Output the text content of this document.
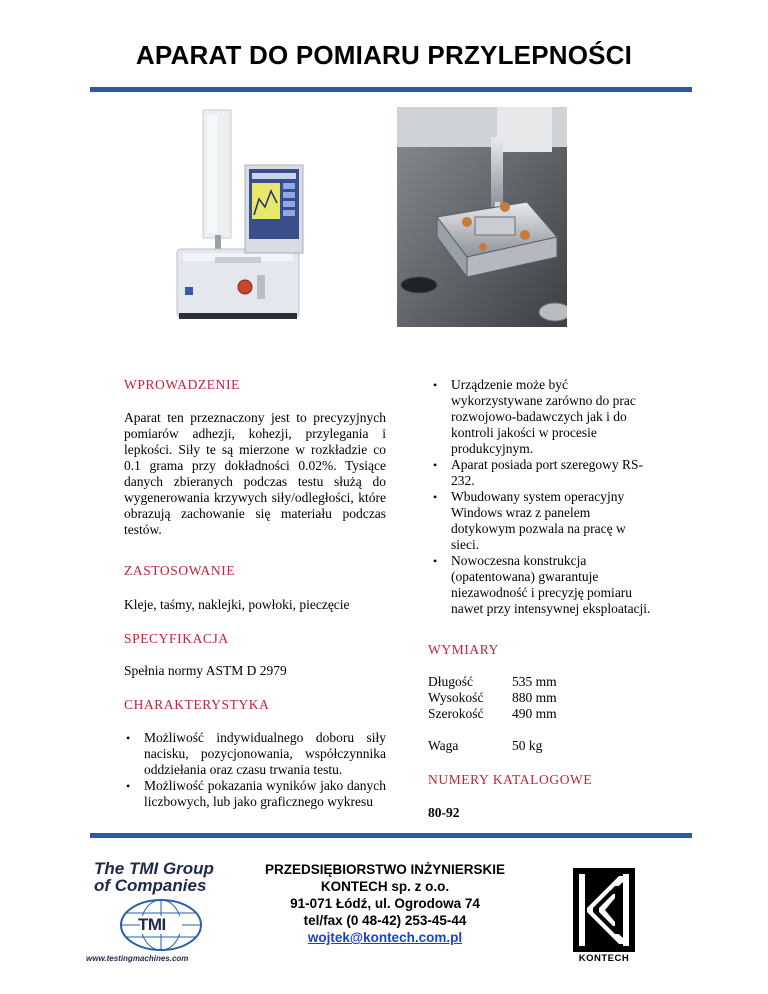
APARAT DO POMIARU PRZYLEPNOŚCI
WPROWADZENIE

Aparat ten przeznaczony jest to precyzyjnych pomiarów adhezji, kohezji, przylegania i lepkości. Siły te są mierzone w rozkładzie co 0.1 grama przy dokładności 0.02%. Tysiące danych zbieranych podczas testu służą do wygenerowania krzywych siły/odległości, które obrazują zachowanie się materiału podczas testów.

ZASTOSOWANIE

Kleje, taśmy, naklejki, powłoki, pieczęcie

SPECYFIKACJA

Spełnia normy ASTM D 2979

CHARAKTERYSTYKA
• Możliwość indywidualnego doboru siły nacisku, pozycjonowania, współczynnika oddziełania oraz czasu trwania testu.
• Możliwość pokazania wyników jako danych liczbowych, lub jako graficznego wykresu
• Urządzenie może być wykorzystywane zarówno do prac rozwojowo-badawczych jak i do kontroli jakości w procesie produkcyjnym.
• Aparat posiada port szeregowy RS-232.
• Wbudowany system operacyjny Windows wraz z panelem dotykowym pozwala na pracę w sieci.
• Nowoczesna konstrukcja (opatentowana) gwarantuje niezawodność i precyzję pomiaru nawet przy intensywnej eksploatacji.
WYMIARY
Długość	535 mm
Wysokość	880 mm
Szerokość	490 mm
Waga	50 kg
NUMERY KATALOGOWE

80-92

The TMI Group
of Companies
TMI
www.testingmachines.com
PRZEDSIĘBIORSTWO INŻYNIERSKIE
KONTECH sp. z o.o.
91-071 Łódź, ul. Ogrodowa 74
tel/fax (0 48-42) 253-45-44
wojtek@kontech.com.pl
KONTECH
